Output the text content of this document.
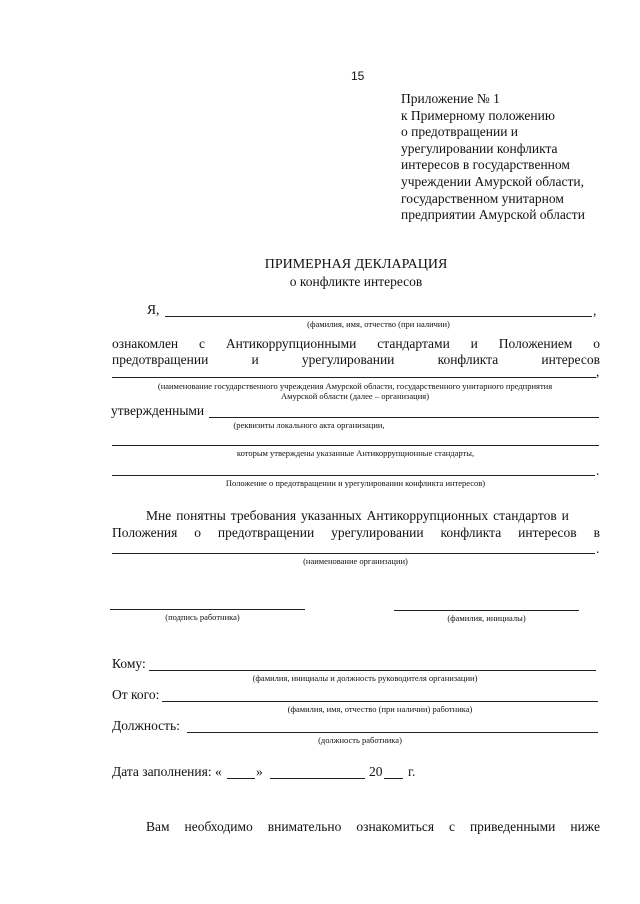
15
Приложение № 1
к Примерному положению
о предотвращении и
урегулировании конфликта
интересов в государственном
учреждении Амурской области,
государственном унитарном
предприятии Амурской области
ПРИМЕРНАЯ ДЕКЛАРАЦИЯ
о конфликте интересов
Я,	,
(фамилия, имя, отчество (при наличии)
ознакомлен с Антикоррупционными стандартами и Положением о
предотвращении	и	урегулировании	конфликта	интересов
,
(наименование государственного учреждения Амурской области, государственного унитарного предприятия
Амурской области (далее – организация)
утвержденными
(реквизиты локального акта организации,
которым утверждены указанные Антикоррупционные стандарты,
.
Положение о предотвращении и урегулировании конфликта интересов)
Мне понятны требования указанных Антикоррупционных стандартов и
Положения о предотвращении урегулировании конфликта интересов в
.
(наименование организации)
(подпись работника)	(фамилия, инициалы)
Кому:
(фамилия, инициалы и должность руководителя организации)
От кого:
(фамилия, имя, отчество (при наличии) работника)
Должность:
(должность работника)
Дата заполнения: «	»	20 г.
Вам необходимо внимательно ознакомиться с приведенными ниже
